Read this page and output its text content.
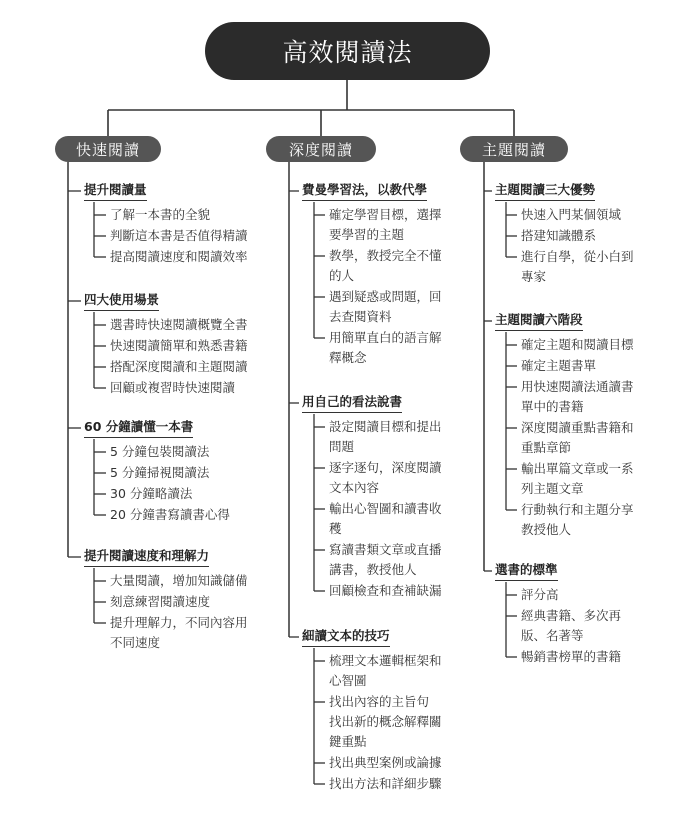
高效閱讀法
快速閱讀	深度閱讀	主題閱讀
提升閱讀量
了解一本書的全貌
判斷這本書是否值得精讀
提高閱讀速度和閱讀效率
四大使用場景
選書時快速閱讀概覽全書
快速閱讀簡單和熟悉書籍
搭配深度閱讀和主題閱讀
回顧或複習時快速閱讀
60 分鐘讀懂一本書
5 分鐘包裝閱讀法
5 分鐘掃視閱讀法
30 分鐘略讀法
20 分鐘書寫讀書心得
提升閱讀速度和理解力
大量閱讀，增加知識儲備
刻意練習閱讀速度
提升理解力，不同內容用
不同速度
費曼學習法，以教代學
確定學習目標，選擇
要學習的主題
教學，教授完全不懂
的人
遇到疑惑或問題，回
去查閱資料
用簡單直白的語言解
釋概念
用自己的看法說書
設定閱讀目標和提出
問題
逐字逐句，深度閱讀
文本內容
輸出心智圖和讀書收
穫
寫讀書類文章或直播
講書，教授他人
回顧檢查和查補缺漏
細讀文本的技巧
梳理文本邏輯框架和
心智圖
找出內容的主旨句
找出新的概念解釋關
鍵重點
找出典型案例或論據
找出方法和詳細步驟
主題閱讀三大優勢
快速入門某個領域
搭建知識體系
進行自學，從小白到
專家
主題閱讀六階段
確定主題和閱讀目標
確定主題書單
用快速閱讀法通讀書
單中的書籍
深度閱讀重點書籍和
重點章節
輸出單篇文章或一系
列主題文章
行動執行和主題分享
教授他人
選書的標準
評分高
經典書籍、多次再
版、名著等
暢銷書榜單的書籍
